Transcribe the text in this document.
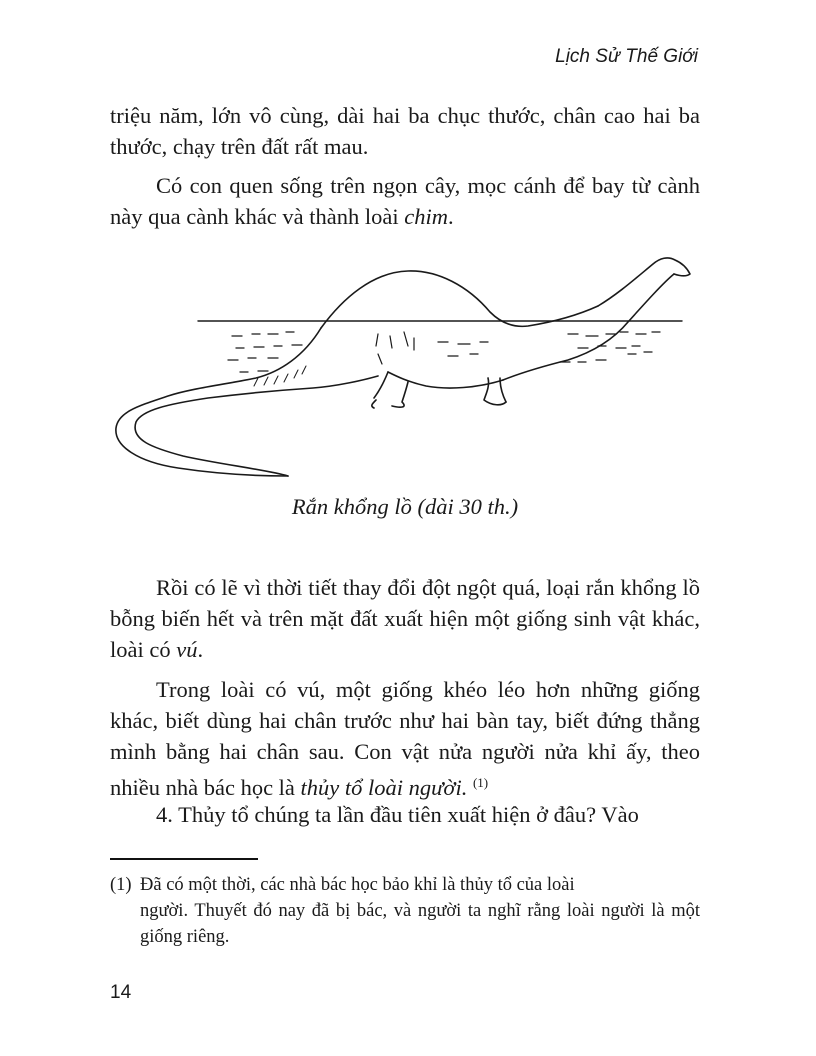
Lịch Sử Thế Giới

triệu năm, lớn vô cùng, dài hai ba chục thước, chân cao hai ba thước, chạy trên đất rất mau.

Có con quen sống trên ngọn cây, mọc cánh để bay từ cành này qua cành khác và thành loài chim.

Rắn khổng lồ (dài 30 th.)

Rồi có lẽ vì thời tiết thay đổi đột ngột quá, loại rắn khổng lồ bỗng biến hết và trên mặt đất xuất hiện một giống sinh vật khác, loài có vú.

Trong loài có vú, một giống khéo léo hơn những giống khác, biết dùng hai chân trước như hai bàn tay, biết đứng thẳng mình bằng hai chân sau. Con vật nửa người nửa khỉ ấy, theo nhiều nhà bác học là thủy tổ loài người. $^{(1)}$

4. Thủy tổ chúng ta lần đầu tiên xuất hiện ở đâu? Vào

(1) Đã có một thời, các nhà bác học bảo khỉ là thủy tổ của loài
người. Thuyết đó nay đã bị bác, và người ta nghĩ rằng loài người là một giống riêng.
14
